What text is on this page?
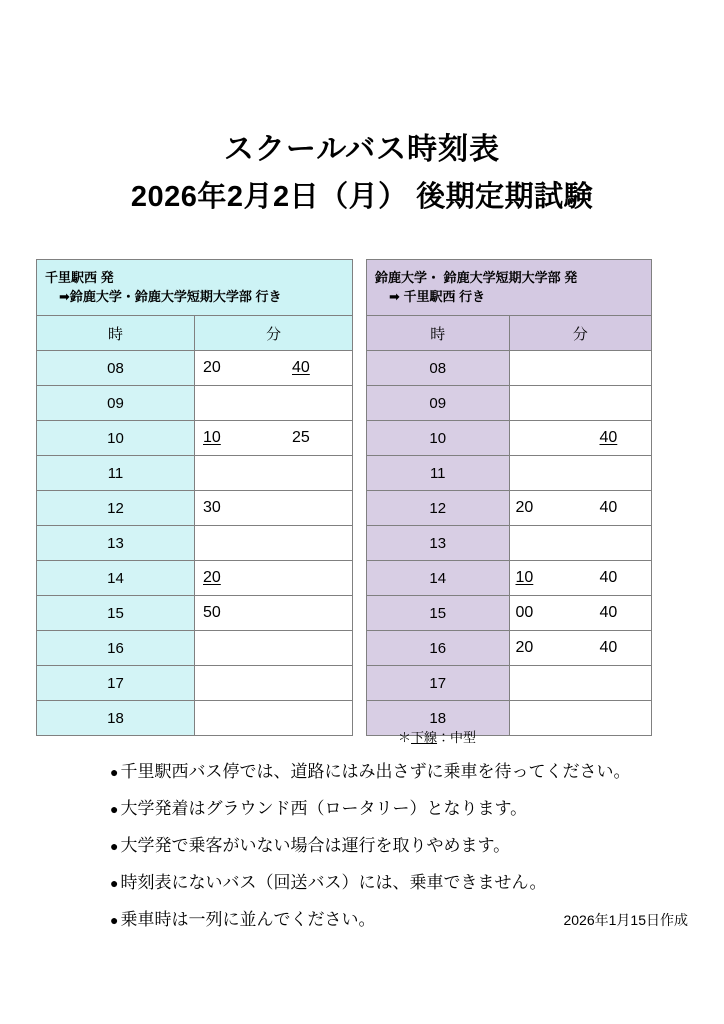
スクールバス時刻表
2026年2月2日（月） 後期定期試験
千里駅西 発
➡鈴鹿大学・鈴鹿大学短期大学部 行き	

時	分
08	20 40

09	

10	10 25

11	

12	30

13	

14	20

15	50

16	

17	

18	
鈴鹿大学・ 鈴鹿大学短期大学部 発
➡ 千里駅西 行き	

時	分
08	

09	

10	40

11	

12	20 40

13	

14	10 40

15	00 40

16	20 40

17	

18	
＊下線：中型
● 千里駅西バス停では、道路にはみ出さずに乗車を待ってください。
● 大学発着はグラウンド西（ロータリー）となります。
● 大学発で乗客がいない場合は運行を取りやめます。
● 時刻表にないバス（回送バス）には、乗車できません。
● 乗車時は一列に並んでください。	2026年1月15日作成
